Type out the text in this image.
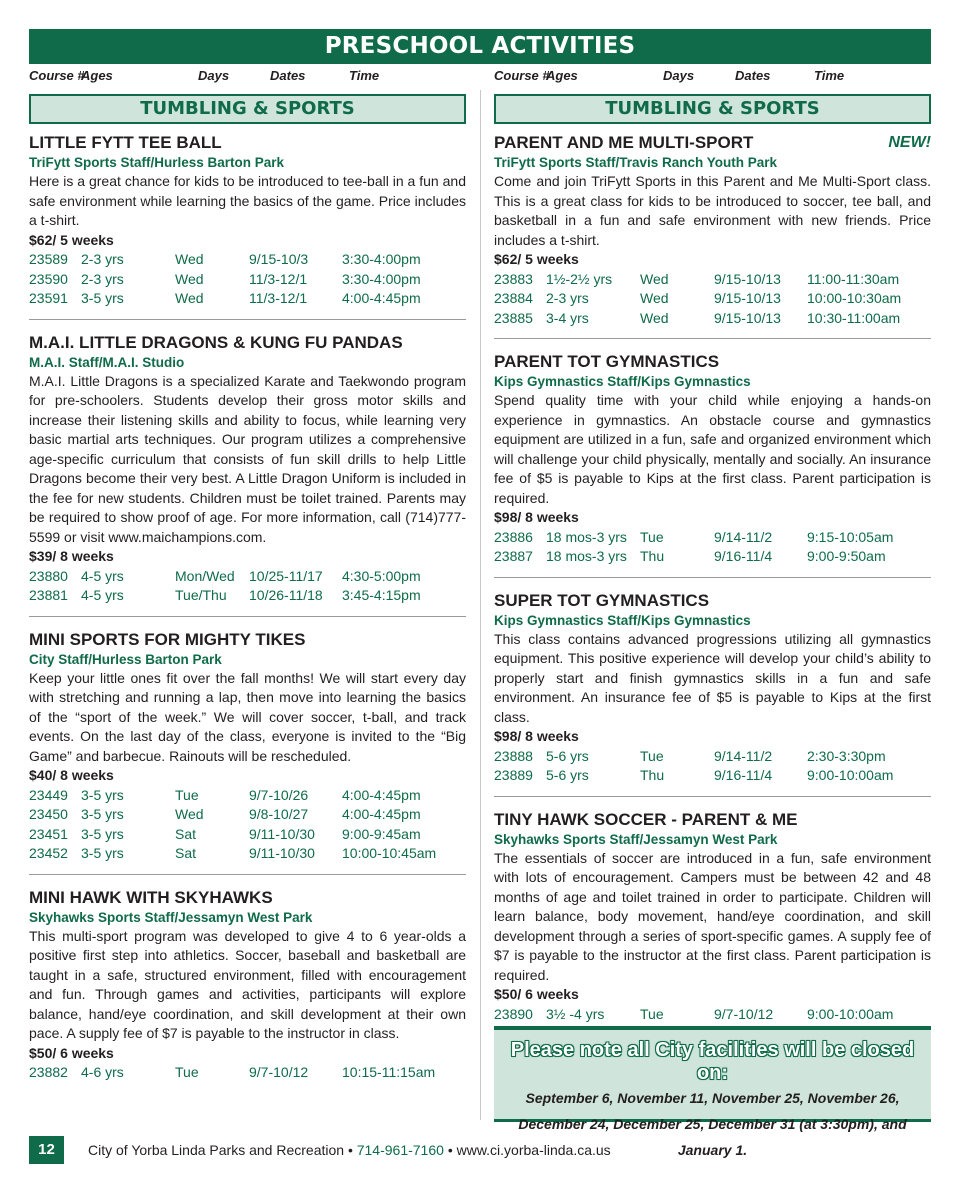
PRESCHOOL ACTIVITIES
Course #
Ages	Days	Dates	Time	Course #
Ages	Days	Dates	Time
TUMBLING & SPORTS
LITTLE FYTT TEE BALL
TriFytt Sports Staff/Hurless Barton Park
Here is a great chance for kids to be introduced to tee-ball in a fun and safe environment while learning the basics of the game. Price includes a t-shirt.
$62/ 5 weeks
23589 2-3 yrs	Wed	9/15-10/3 3:30-4:00pm
23590 2-3 yrs	Wed	11/3-12/1 3:30-4:00pm
23591 3-5 yrs	Wed	11/3-12/1 4:00-4:45pm
M.A.I. LITTLE DRAGONS & KUNG FU PANDAS
M.A.I. Staff/M.A.I. Studio
M.A.I. Little Dragons is a specialized Karate and Taekwondo program for pre-schoolers. Students develop their gross motor skills and increase their listening skills and ability to focus, while learning very basic martial arts techniques. Our program utilizes a comprehensive age-specific curriculum that consists of fun skill drills to help Little Dragons become their very best. A Little Dragon Uniform is included in the fee for new students. Children must be toilet trained. Parents may be required to show proof of age. For more information, call (714)777-5599 or visit www.maichampions.com.
$39/ 8 weeks
23880 4-5 yrs	Mon/Wed 10/25-11/17 4:30-5:00pm
23881 4-5 yrs	Tue/Thu 10/26-11/18 3:45-4:15pm
MINI SPORTS FOR MIGHTY TIKES
City Staff/Hurless Barton Park
Keep your little ones fit over the fall months! We will start every day with stretching and running a lap, then move into learning the basics of the “sport of the week.” We will cover soccer, t-ball, and track events. On the last day of the class, everyone is invited to the “Big Game” and barbecue. Rainouts will be rescheduled.
$40/ 8 weeks
23449 3-5 yrs	Tue	9/7-10/26 4:00-4:45pm
23450 3-5 yrs	Wed	9/8-10/27 4:00-4:45pm
23451 3-5 yrs	Sat	9/11-10/30 9:00-9:45am
23452 3-5 yrs	Sat	9/11-10/30 10:00-10:45am
MINI HAWK WITH SKYHAWKS
Skyhawks Sports Staff/Jessamyn West Park
This multi-sport program was developed to give 4 to 6 year-olds a positive first step into athletics. Soccer, baseball and basketball are taught in a safe, structured environment, filled with encouragement and fun. Through games and activities, participants will explore balance, hand/eye coordination, and skill development at their own pace. A supply fee of $7 is payable to the instructor in class.
$50/ 6 weeks
23882 4-6 yrs	Tue	9/7-10/12 10:15-11:15am
TUMBLING & SPORTS
PARENT AND ME MULTI-SPORT	NEW!
TriFytt Sports Staff/Travis Ranch Youth Park
Come and join TriFytt Sports in this Parent and Me Multi-Sport class. This is a great class for kids to be introduced to soccer, tee ball, and basketball in a fun and safe environment with new friends. Price includes a t-shirt.
$62/ 5 weeks
23883 1½-2½ yrs Wed	9/15-10/13 11:00-11:30am
23884 2-3 yrs	Wed	9/15-10/13 10:00-10:30am
23885 3-4 yrs	Wed	9/15-10/13 10:30-11:00am
PARENT TOT GYMNASTICS
Kips Gymnastics Staff/Kips Gymnastics
Spend quality time with your child while enjoying a hands-on experience in gymnastics. An obstacle course and gymnastics equipment are utilized in a fun, safe and organized environment which will challenge your child physically, mentally and socially. An insurance fee of $5 is payable to Kips at the first class. Parent participation is required.
$98/ 8 weeks
23886 18 mos-3 yrs Tue	9/14-11/2 9:15-10:05am
23887 18 mos-3 yrs Thu	9/16-11/4 9:00-9:50am
SUPER TOT GYMNASTICS
Kips Gymnastics Staff/Kips Gymnastics
This class contains advanced progressions utilizing all gymnastics equipment. This positive experience will develop your child’s ability to properly start and finish gymnastics skills in a fun and safe environment. An insurance fee of $5 is payable to Kips at the first class.
$98/ 8 weeks
23888 5-6 yrs	Tue	9/14-11/2 2:30-3:30pm
23889 5-6 yrs	Thu	9/16-11/4 9:00-10:00am
TINY HAWK SOCCER - PARENT & ME
Skyhawks Sports Staff/Jessamyn West Park
The essentials of soccer are introduced in a fun, safe environment with lots of encouragement. Campers must be between 42 and 48 months of age and toilet trained in order to participate. Children will learn balance, body movement, hand/eye coordination, and skill development through a series of sport-specific games. A supply fee of $7 is payable to the instructor at the first class. Parent participation is required.
$50/ 6 weeks
23890 3½ -4 yrs	Tue	9/7-10/12 9:00-10:00am
Please note all City facilities will be closed on:
September 6, November 11, November 25, November 26,
December 24, December 25, December 31 (at 3:30pm), and January 1.
12	City of Yorba Linda Parks and Recreation • 714-961-7160 • www.ci.yorba-linda.ca.us
